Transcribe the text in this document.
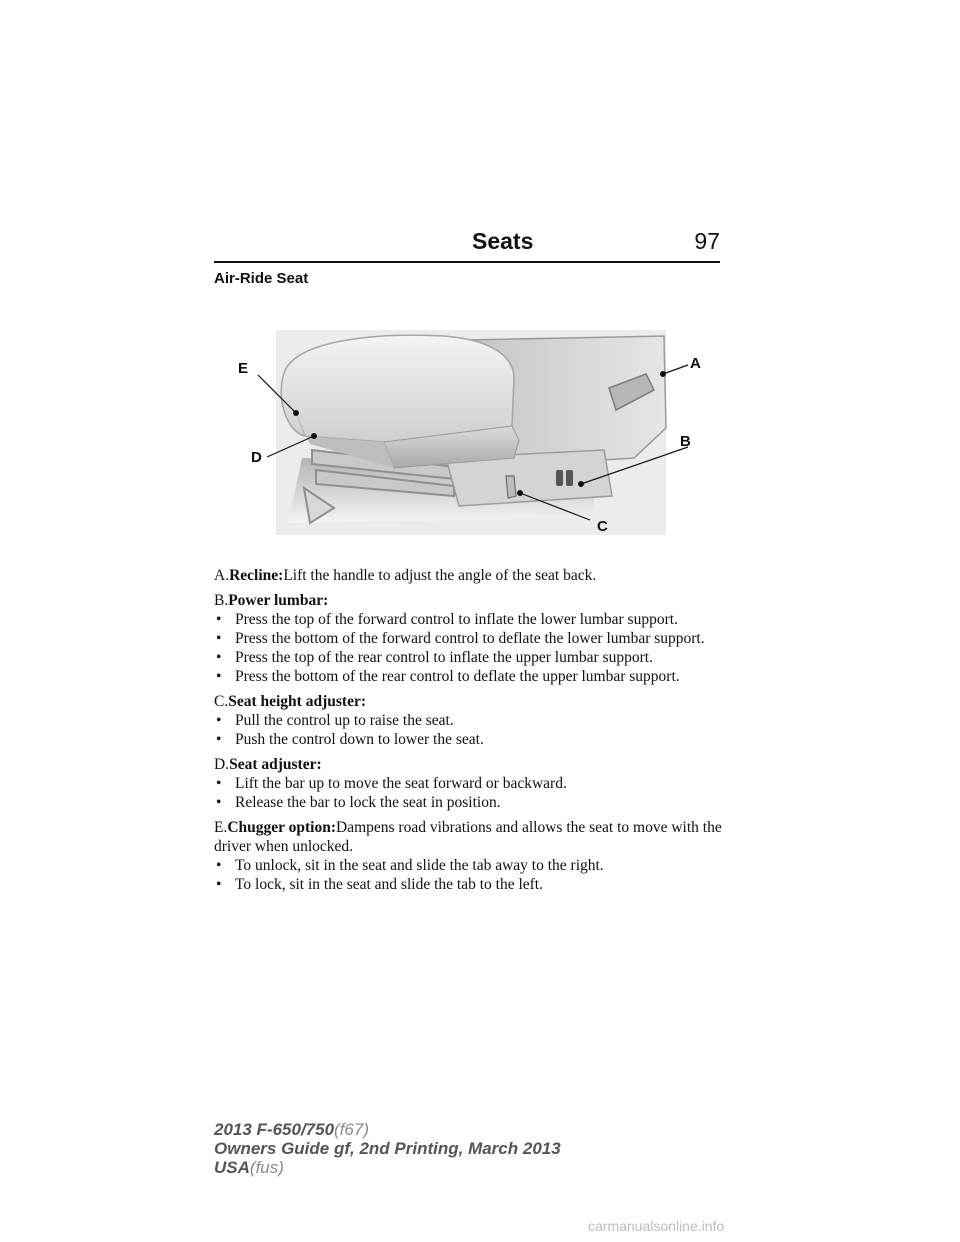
Seats	97
Air-Ride Seat
A
B
C
D
E
A.Recline:Lift the handle to adjust the angle of the seat back.
B.Power lumbar:
• Press the top of the forward control to inflate the lower lumbar support.
• Press the bottom of the forward control to deflate the lower lumbar support.
• Press the top of the rear control to inflate the upper lumbar support.
• Press the bottom of the rear control to deflate the upper lumbar support.
C.Seat height adjuster:
• Pull the control up to raise the seat.
• Push the control down to lower the seat.
D.Seat adjuster:
• Lift the bar up to move the seat forward or backward.
• Release the bar to lock the seat in position.
E.Chugger option:Dampens road vibrations and allows the seat to move with the driver when unlocked.
• To unlock, sit in the seat and slide the tab away to the right.
• To lock, sit in the seat and slide the tab to the left.
2013 F-650/750(f67)
Owners Guide gf, 2nd Printing, March 2013
USA(fus)
carmanualsonline.info
